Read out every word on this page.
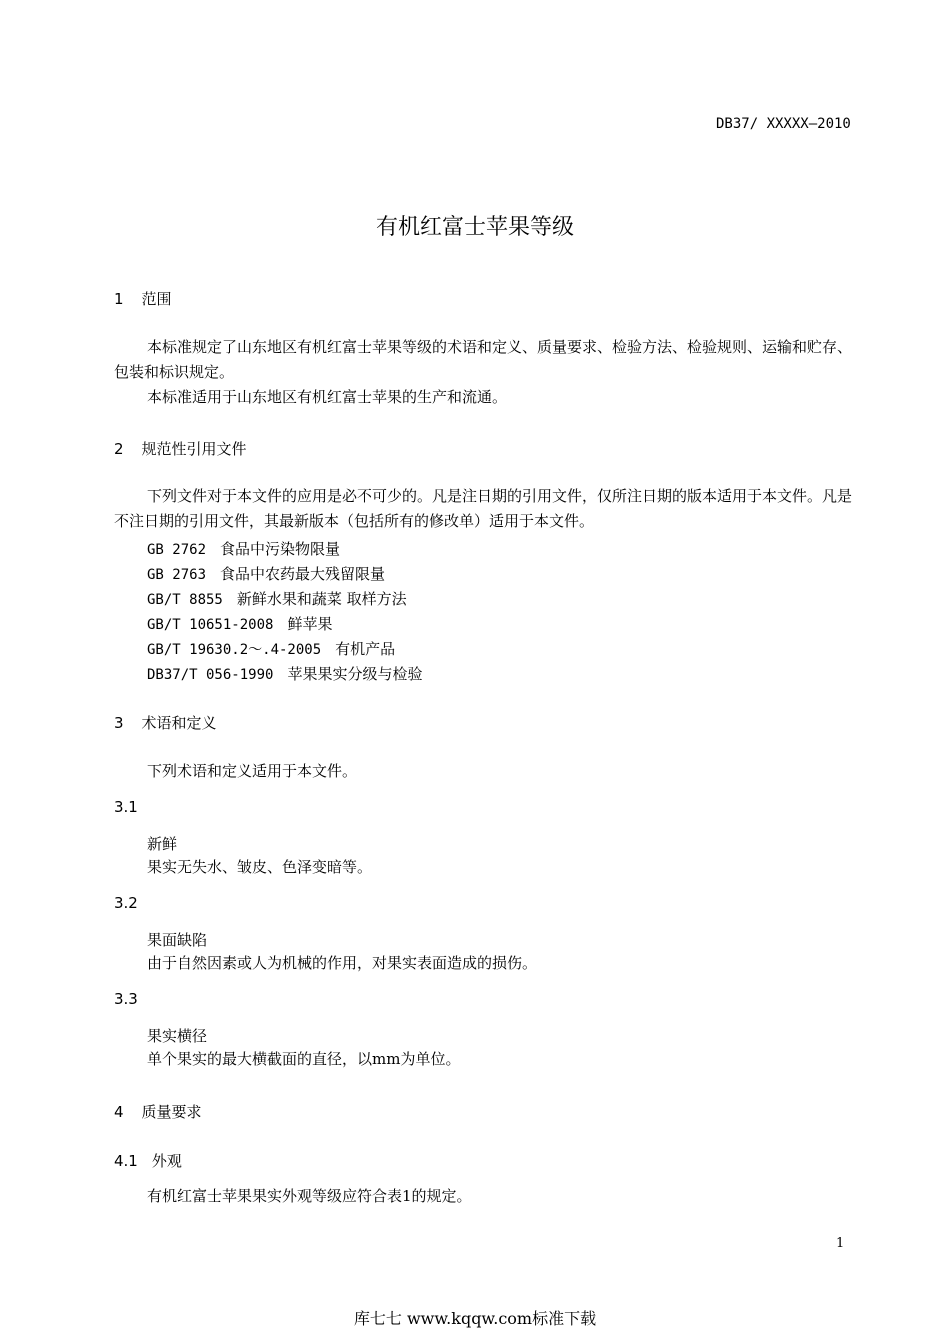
DB37/ XXXXX—2010
有机红富士苹果等级
1 范围
本标准规定了山东地区有机红富士苹果等级的术语和定义、质量要求、检验方法、检验规则、运输和贮存、包装和标识规定。
本标准适用于山东地区有机红富士苹果的生产和流通。
2 规范性引用文件
下列文件对于本文件的应用是必不可少的。凡是注日期的引用文件，仅所注日期的版本适用于本文件。凡是不注日期的引用文件，其最新版本（包括所有的修改单）适用于本文件。
GB 2762 食品中污染物限量
GB 2763 食品中农药最大残留限量
GB/T 8855 新鲜水果和蔬菜 取样方法
GB/T 10651-2008 鲜苹果
GB/T 19630.2～.4-2005 有机产品
DB37/T 056-1990 苹果果实分级与检验
3 术语和定义
下列术语和定义适用于本文件。
3.1
新鲜
果实无失水、皱皮、色泽变暗等。
3.2
果面缺陷
由于自然因素或人为机械的作用，对果实表面造成的损伤。
3.3
果实横径
单个果实的最大横截面的直径，以mm为单位。
4 质量要求
4.1 外观
有机红富士苹果果实外观等级应符合表1的规定。
1
库七七 www.kqqw.com标准下载
